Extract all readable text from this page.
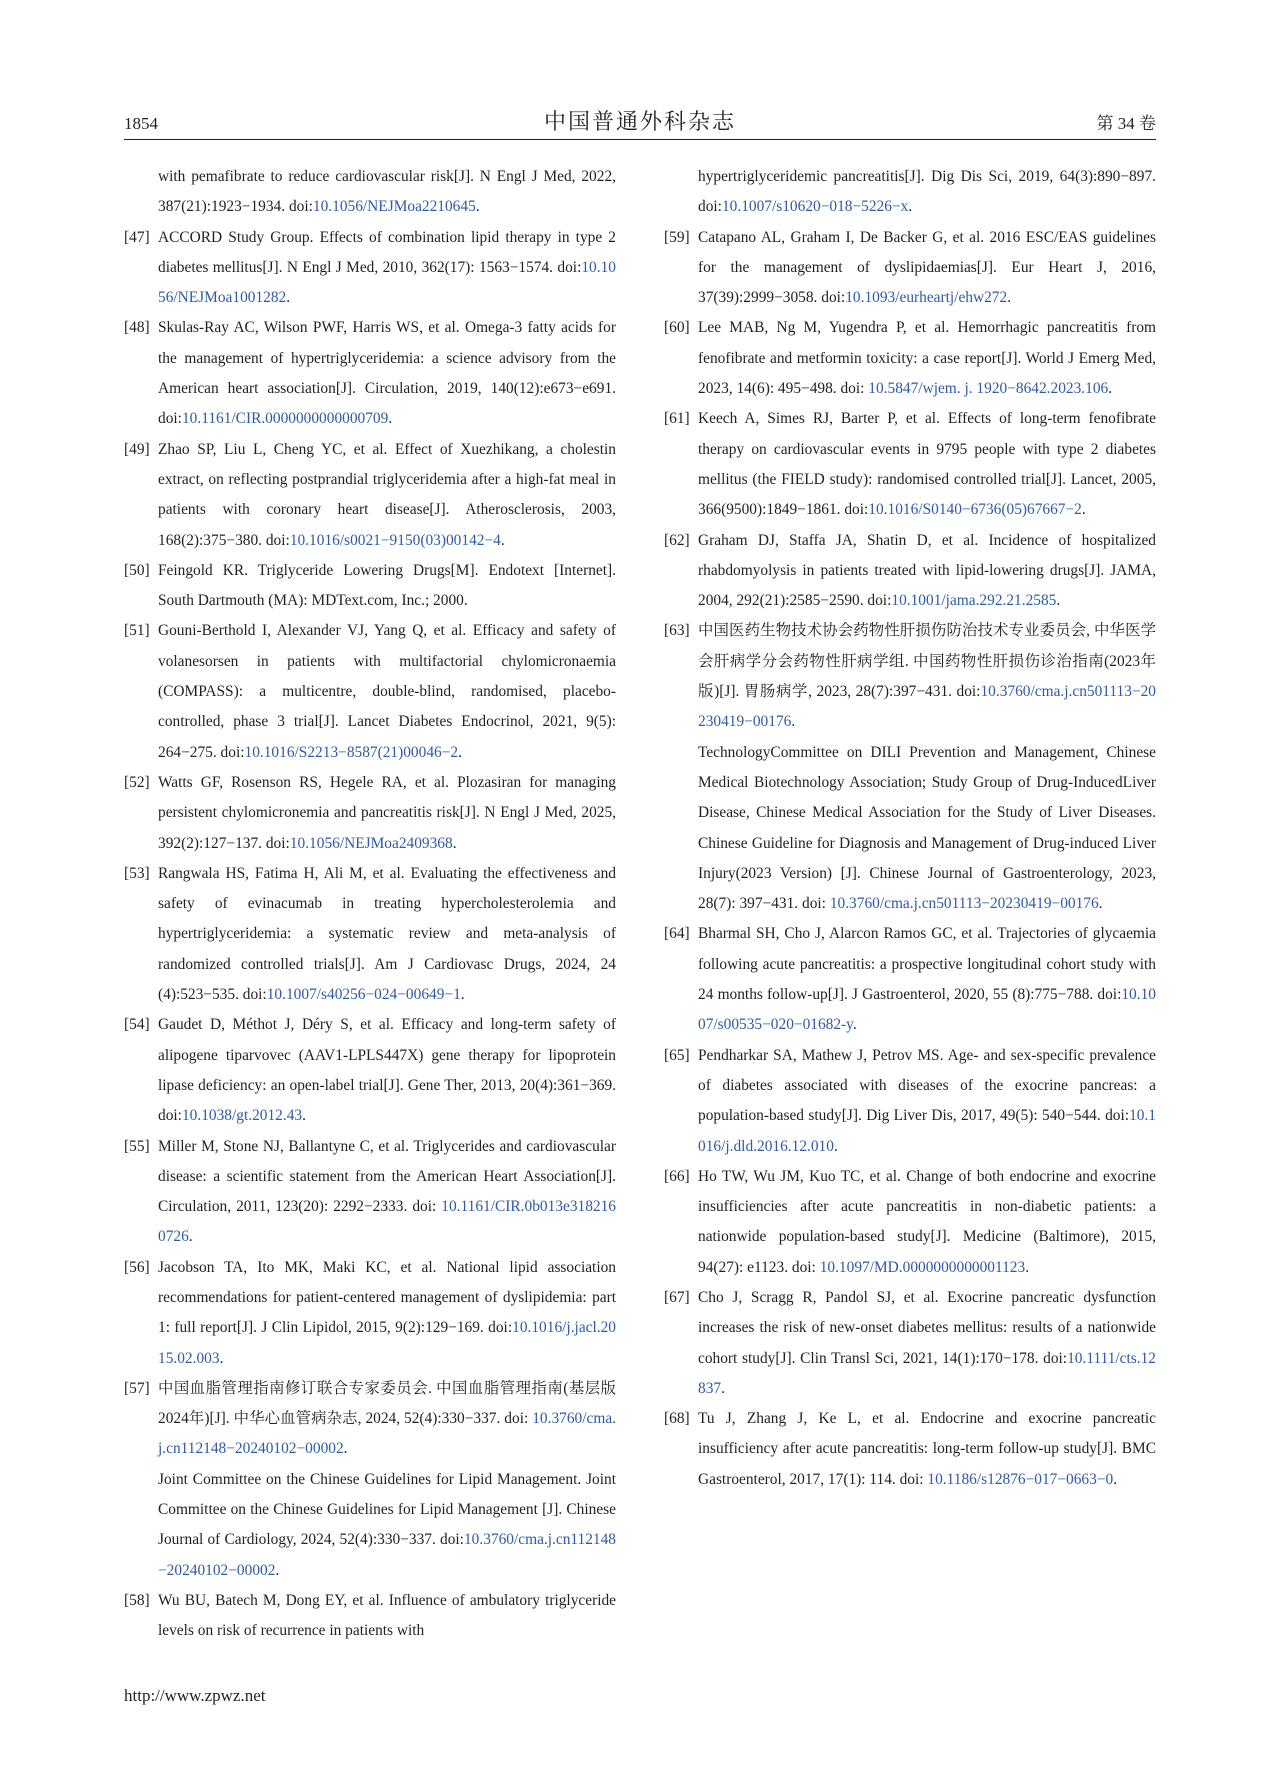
1854	中国普通外科杂志	第 34 卷
with pemafibrate to reduce cardiovascular risk[J]. N Engl J Med, 2022, 387(21):1923−1934. doi:10.1056/NEJMoa2210645.
[47] ACCORD Study Group. Effects of combination lipid therapy in type 2 diabetes mellitus[J]. N Engl J Med, 2010, 362(17): 1563−1574. doi:10.1056/NEJMoa1001282.
[48] Skulas-Ray AC, Wilson PWF, Harris WS, et al. Omega-3 fatty acids for the management of hypertriglyceridemia: a science advisory from the American heart association[J]. Circulation, 2019, 140(12):e673−e691. doi:10.1161/CIR.0000000000000709.
[49] Zhao SP, Liu L, Cheng YC, et al. Effect of Xuezhikang, a cholestin extract, on reflecting postprandial triglyceridemia after a high-fat meal in patients with coronary heart disease[J]. Atherosclerosis, 2003, 168(2):375−380. doi:10.1016/s0021−9150(03)00142−4.
[50] Feingold KR. Triglyceride Lowering Drugs[M]. Endotext [Internet]. South Dartmouth (MA): MDText.com, Inc.; 2000.
[51] Gouni-Berthold I, Alexander VJ, Yang Q, et al. Efficacy and safety of volanesorsen in patients with multifactorial chylomicronaemia (COMPASS): a multicentre, double-blind, randomised, placebo-controlled, phase 3 trial[J]. Lancet Diabetes Endocrinol, 2021, 9(5): 264−275. doi:10.1016/S2213−8587(21)00046−2.
[52] Watts GF, Rosenson RS, Hegele RA, et al. Plozasiran for managing persistent chylomicronemia and pancreatitis risk[J]. N Engl J Med, 2025, 392(2):127−137. doi:10.1056/NEJMoa2409368.
[53] Rangwala HS, Fatima H, Ali M, et al. Evaluating the effectiveness and safety of evinacumab in treating hypercholesterolemia and hypertriglyceridemia: a systematic review and meta-analysis of randomized controlled trials[J]. Am J Cardiovasc Drugs, 2024, 24 (4):523−535. doi:10.1007/s40256−024−00649−1.
[54] Gaudet D, Méthot J, Déry S, et al. Efficacy and long-term safety of alipogene tiparvovec (AAV1-LPLS447X) gene therapy for lipoprotein lipase deficiency: an open-label trial[J]. Gene Ther, 2013, 20(4):361−369. doi:10.1038/gt.2012.43.
[55] Miller M, Stone NJ, Ballantyne C, et al. Triglycerides and cardiovascular disease: a scientific statement from the American Heart Association[J]. Circulation, 2011, 123(20): 2292−2333. doi: 10.1161/CIR.0b013e3182160726.
[56] Jacobson TA, Ito MK, Maki KC, et al. National lipid association recommendations for patient-centered management of dyslipidemia: part 1: full report[J]. J Clin Lipidol, 2015, 9(2):129−169. doi:10.1016/j.jacl.2015.02.003.
[57] 中国血脂管理指南修订联合专家委员会. 中国血脂管理指南(基层版2024年)[J]. 中华心血管病杂志, 2024, 52(4):330−337. doi: 10.3760/cma.j.cn112148−20240102−00002.
Joint Committee on the Chinese Guidelines for Lipid Management. Joint Committee on the Chinese Guidelines for Lipid Management [J]. Chinese Journal of Cardiology, 2024, 52(4):330−337. doi:10.3760/cma.j.cn112148−20240102−00002.
[58] Wu BU, Batech M, Dong EY, et al. Influence of ambulatory triglyceride levels on risk of recurrence in patients with
hypertriglyceridemic pancreatitis[J]. Dig Dis Sci, 2019, 64(3):890−897. doi:10.1007/s10620−018−5226−x.
[59] Catapano AL, Graham I, De Backer G, et al. 2016 ESC/EAS guidelines for the management of dyslipidaemias[J]. Eur Heart J, 2016, 37(39):2999−3058. doi:10.1093/eurheartj/ehw272.
[60] Lee MAB, Ng M, Yugendra P, et al. Hemorrhagic pancreatitis from fenofibrate and metformin toxicity: a case report[J]. World J Emerg Med, 2023, 14(6): 495−498. doi: 10.5847/wjem. j. 1920−8642.2023.106.
[61] Keech A, Simes RJ, Barter P, et al. Effects of long-term fenofibrate therapy on cardiovascular events in 9795 people with type 2 diabetes mellitus (the FIELD study): randomised controlled trial[J]. Lancet, 2005, 366(9500):1849−1861. doi:10.1016/S0140−6736(05)67667−2.
[62] Graham DJ, Staffa JA, Shatin D, et al. Incidence of hospitalized rhabdomyolysis in patients treated with lipid-lowering drugs[J]. JAMA, 2004, 292(21):2585−2590. doi:10.1001/jama.292.21.2585.
[63] 中国医药生物技术协会药物性肝损伤防治技术专业委员会, 中华医学会肝病学分会药物性肝病学组. 中国药物性肝损伤诊治指南(2023年版)[J]. 胃肠病学, 2023, 28(7):397−431. doi:10.3760/cma.j.cn501113−20230419−00176.
TechnologyCommittee on DILI Prevention and Management, Chinese Medical Biotechnology Association; Study Group of Drug-InducedLiver Disease, Chinese Medical Association for the Study of Liver Diseases. Chinese Guideline for Diagnosis and Management of Drug-induced Liver Injury(2023 Version) [J]. Chinese Journal of Gastroenterology, 2023, 28(7): 397−431. doi: 10.3760/cma.j.cn501113−20230419−00176.
[64] Bharmal SH, Cho J, Alarcon Ramos GC, et al. Trajectories of glycaemia following acute pancreatitis: a prospective longitudinal cohort study with 24 months follow-up[J]. J Gastroenterol, 2020, 55 (8):775−788. doi:10.1007/s00535−020−01682-y.
[65] Pendharkar SA, Mathew J, Petrov MS. Age- and sex-specific prevalence of diabetes associated with diseases of the exocrine pancreas: a population-based study[J]. Dig Liver Dis, 2017, 49(5): 540−544. doi:10.1016/j.dld.2016.12.010.
[66] Ho TW, Wu JM, Kuo TC, et al. Change of both endocrine and exocrine insufficiencies after acute pancreatitis in non-diabetic patients: a nationwide population-based study[J]. Medicine (Baltimore), 2015, 94(27): e1123. doi: 10.1097/MD.0000000000001123.
[67] Cho J, Scragg R, Pandol SJ, et al. Exocrine pancreatic dysfunction increases the risk of new-onset diabetes mellitus: results of a nationwide cohort study[J]. Clin Transl Sci, 2021, 14(1):170−178. doi:10.1111/cts.12837.
[68] Tu J, Zhang J, Ke L, et al. Endocrine and exocrine pancreatic insufficiency after acute pancreatitis: long-term follow-up study[J]. BMC Gastroenterol, 2017, 17(1): 114. doi: 10.1186/s12876−017−0663−0.
http://www.zpwz.net
